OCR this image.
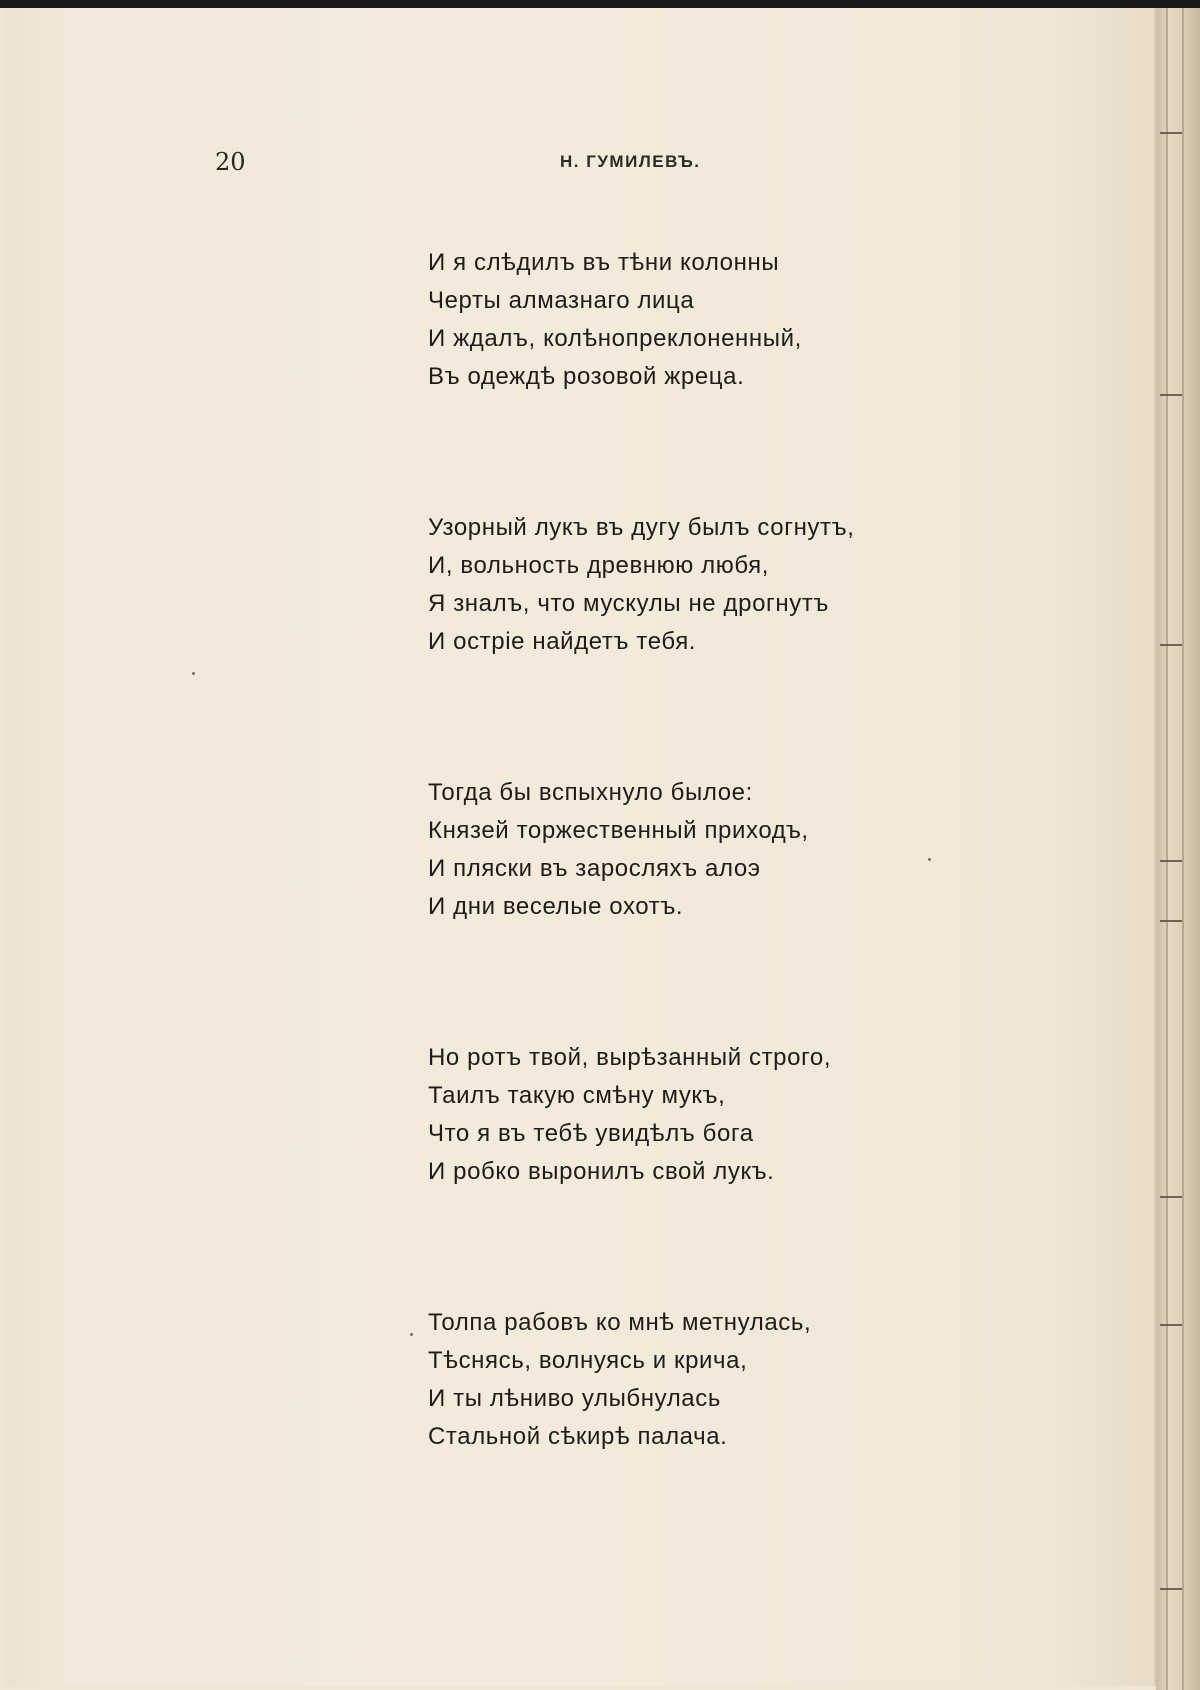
20	Н. ГУМИЛЕВЪ.

И я слѣдилъ въ тѣни колонны
Черты алмазнаго лица
И ждалъ, колѣнопреклоненный,
Въ одеждѣ розовой жреца.
Узорный лукъ въ дугу былъ согнутъ,
И, вольность древнюю любя,
Я зналъ, что мускулы не дрогнутъ
И остріе найдетъ тебя.
Тогда бы вспыхнуло былое:
Князей торжественный приходъ,
И пляски въ заросляхъ алоэ
И дни веселые охотъ.
Но ротъ твой, вырѣзанный строго,
Таилъ такую смѣну мукъ,
Что я въ тебѣ увидѣлъ бога
И робко выронилъ свой лукъ.
Толпа рабовъ ко мнѣ метнулась,
Тѣснясь, волнуясь и крича,
И ты лѣниво улыбнулась
Стальной сѣкирѣ палача.
